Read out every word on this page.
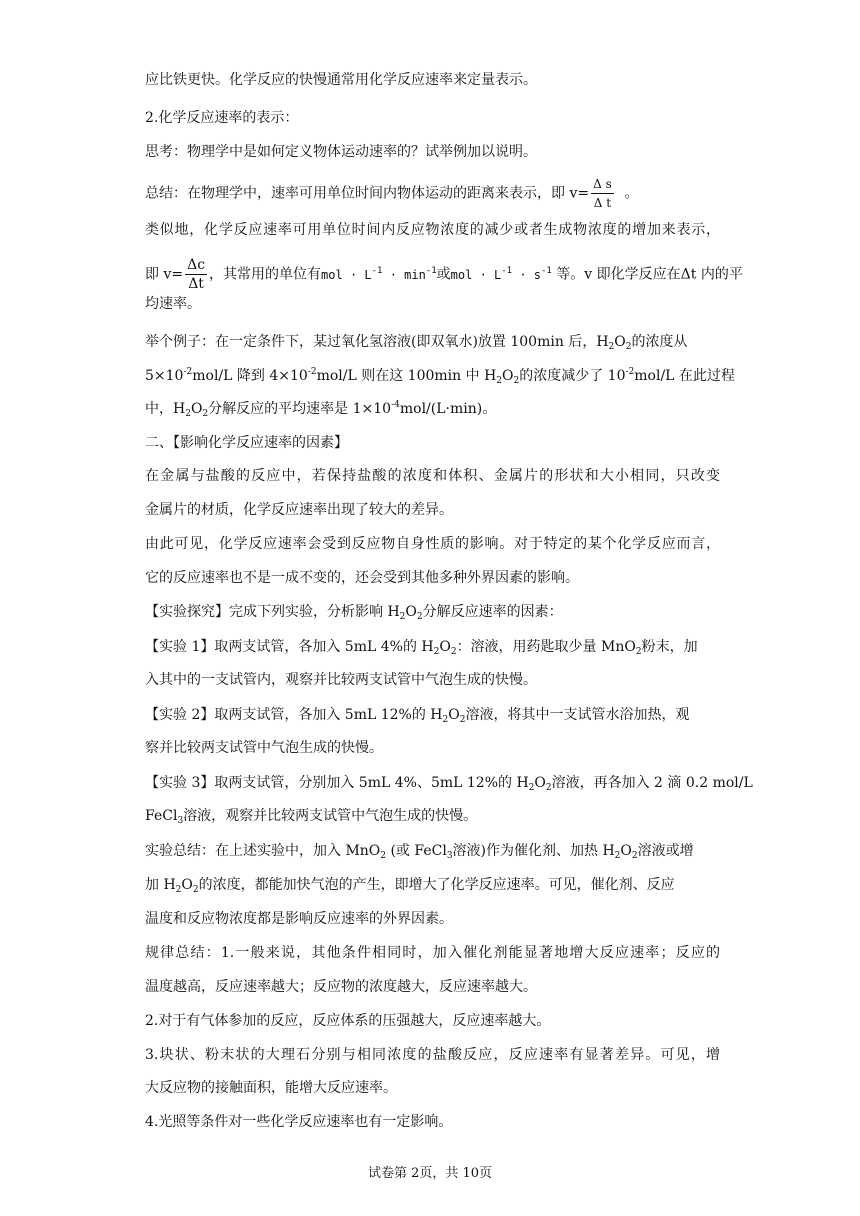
应比铁更快。化学反应的快慢通常用化学反应速率来定量表示。
2.化学反应速率的表示：
思考：物理学中是如何定义物体运动速率的？试举例加以说明。
总结：在物理学中，速率可用单位时间内物体运动的距离来表示，即 $v= \frac{\text{Δ s}}{\text{Δ t}}$ 。
类似地，化学反应速率可用单位时间内反应物浓度的减少或者生成物浓度的增加来表示，
即 $v= \frac{\Delta c}{\Delta t}$ ，其常用的单位有mol · $L^{-1} \cdot \min^{-1}$或mol · $L^{-1} \cdot s^{-1}$ 等。v 即化学反应在Δt 内的平
均速率。
举个例子：在一定条件下，某过氧化氢溶液(即双氧水)放置 100min 后，$H_2O_2$的浓度从
$5\times 10^{-2}mol/L$ 降到 $4\times 10^{-2}mol/L$ 则在这 100min 中 $H_2O_2$的浓度减少了 $10^{-2}mol/L$ 在此过程
中，$H_2O_2$分解反应的平均速率是 $1\times 10^{-4}mol/(L\cdot\min)$。
二、【影响化学反应速率的因素】
在金属与盐酸的反应中，若保持盐酸的浓度和体积、金属片的形状和大小相同，只改变
金属片的材质，化学反应速率出现了较大的差异。
由此可见，化学反应速率会受到反应物自身性质的影响。对于特定的某个化学反应而言，
它的反应速率也不是一成不变的，还会受到其他多种外界因素的影响。
【实验探究】完成下列实验，分析影响 $H_2O_2$分解反应速率的因素：
【实验 1】取两支试管，各加入 5mL 4%的 $H_2O_2$：溶液，用药匙取少量 MnO$_2$粉末，加
入其中的一支试管内，观察并比较两支试管中气泡生成的快慢。
【实验 2】取两支试管，各加入 5mL 12%的 $H_2O_2$溶液，将其中一支试管水浴加热，观
察并比较两支试管中气泡生成的快慢。
【实验 3】取两支试管，分别加入 5mL 4%、5mL 12%的 $H_2O_2$溶液，再各加入 2 滴 0.2 mol/L
FeCl$_3$溶液，观察并比较两支试管中气泡生成的快慢。
实验总结：在上述实验中，加入 MnO$_2$ (或 FeCl$_3$溶液)作为催化剂、加热 $H_2O_2$溶液或增
加 $H_2O_2$的浓度，都能加快气泡的产生，即增大了化学反应速率。可见，催化剂、反应
温度和反应物浓度都是影响反应速率的外界因素。
规律总结：1.一般来说，其他条件相同时，加入催化剂能显著地增大反应速率；反应的
温度越高，反应速率越大；反应物的浓度越大，反应速率越大。
2.对于有气体参加的反应，反应体系的压强越大，反应速率越大。
3.块状、粉末状的大理石分别与相同浓度的盐酸反应，反应速率有显著差异。可见，增
大反应物的接触面积，能增大反应速率。
4.光照等条件对一些化学反应速率也有一定影响。
试卷第 2页，共 10页
